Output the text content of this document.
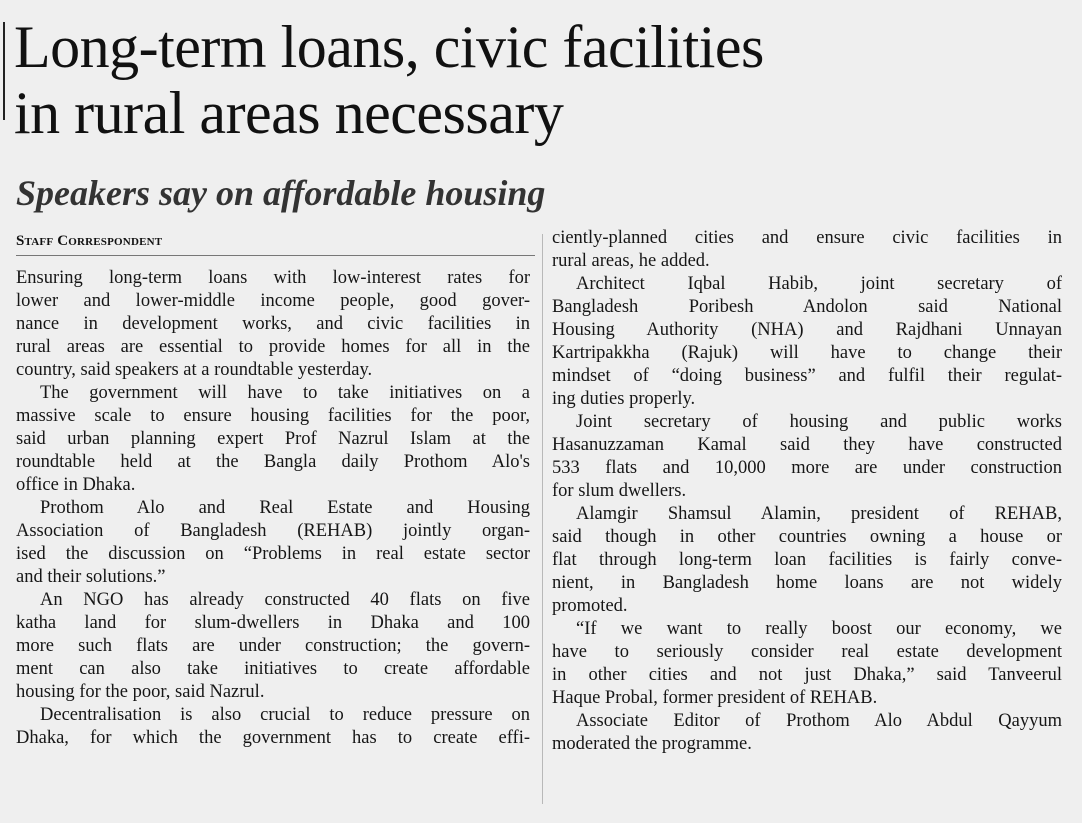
Long-term loans, civic facilities
in rural areas necessary
Speakers say on affordable housing
Staff Correspondent
Ensuring long-term loans with low-interest rates for
lower and lower-middle income people, good gover-
nance in development works, and civic facilities in
rural areas are essential to provide homes for all in the
country, said speakers at a roundtable yesterday.
The government will have to take initiatives on a
massive scale to ensure housing facilities for the poor,
said urban planning expert Prof Nazrul Islam at the
roundtable held at the Bangla daily Prothom Alo's
office in Dhaka.
Prothom Alo and Real Estate and Housing
Association of Bangladesh (REHAB) jointly organ-
ised the discussion on “Problems in real estate sector
and their solutions.”
An NGO has already constructed 40 flats on five
katha land for slum-dwellers in Dhaka and 100
more such flats are under construction; the govern-
ment can also take initiatives to create affordable
housing for the poor, said Nazrul.
Decentralisation is also crucial to reduce pressure on
Dhaka, for which the government has to create effi-
ciently-planned cities and ensure civic facilities in
rural areas, he added.
Architect Iqbal Habib, joint secretary of
Bangladesh Poribesh Andolon said National
Housing Authority (NHA) and Rajdhani Unnayan
Kartripakkha (Rajuk) will have to change their
mindset of “doing business” and fulfil their regulat-
ing duties properly.
Joint secretary of housing and public works
Hasanuzzaman Kamal said they have constructed
533 flats and 10,000 more are under construction
for slum dwellers.
Alamgir Shamsul Alamin, president of REHAB,
said though in other countries owning a house or
flat through long-term loan facilities is fairly conve-
nient, in Bangladesh home loans are not widely
promoted.
“If we want to really boost our economy, we
have to seriously consider real estate development
in other cities and not just Dhaka,” said Tanveerul
Haque Probal, former president of REHAB.
Associate Editor of Prothom Alo Abdul Qayyum
moderated the programme.
